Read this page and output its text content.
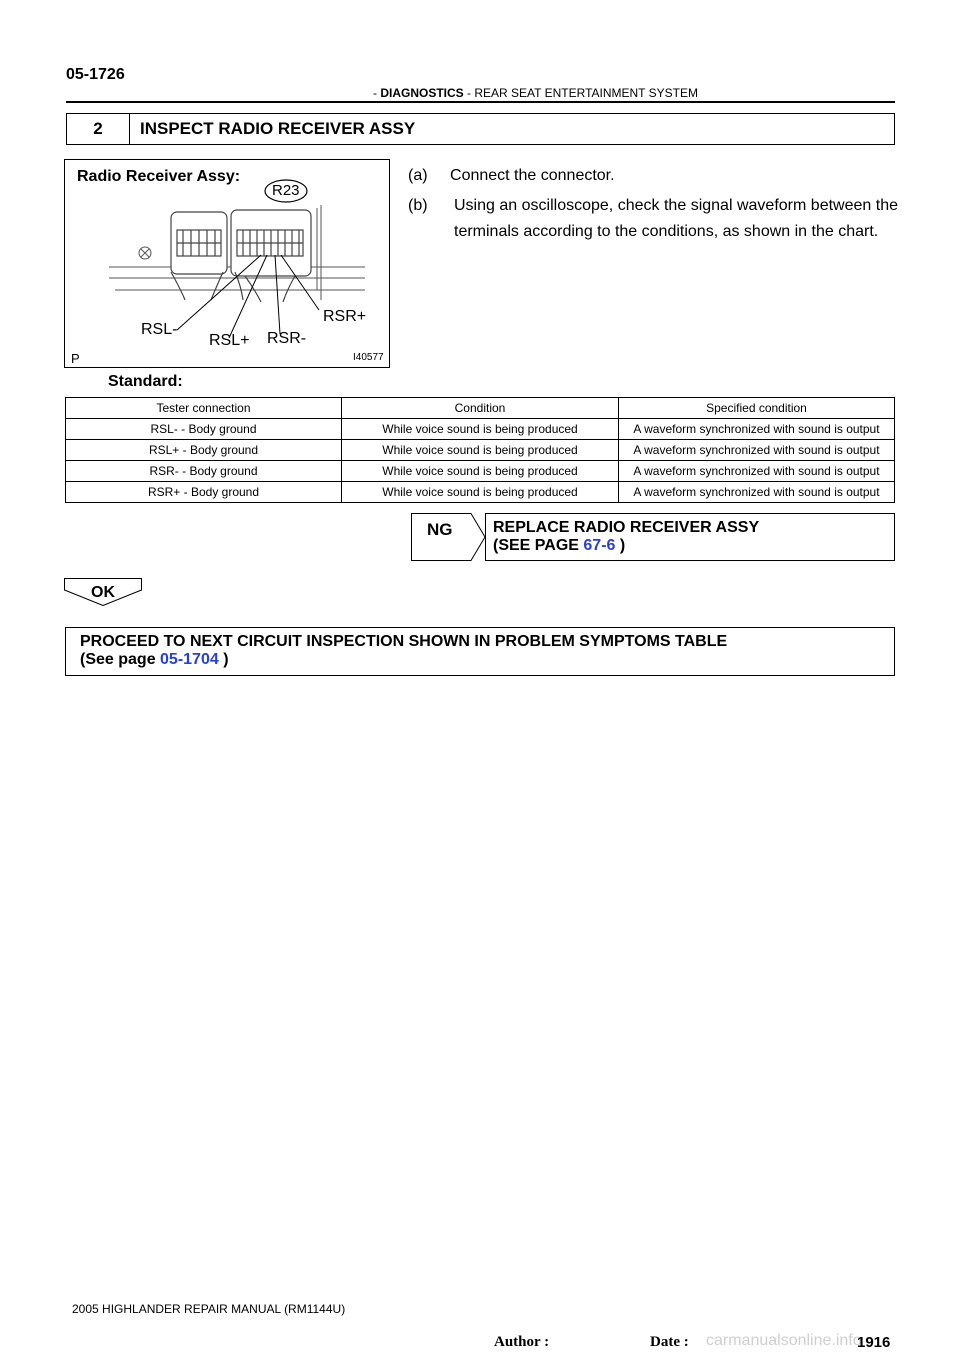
05-1726
- DIAGNOSTICS - REAR SEAT ENTERTAINMENT SYSTEM
2	INSPECT RADIO RECEIVER ASSY
Radio Receiver Assy:
R23
RSL-
RSL+ RSR-
RSR+
P	I40577
(a) Connect the connector.
(b) Using an oscilloscope, check the signal waveform between the terminals according to the conditions, as shown in the chart.
Standard:
Tester connection	Condition	Specified condition
RSL- - Body ground	While voice sound is being produced	A waveform synchronized with sound is output
RSL+ - Body ground	While voice sound is being produced	A waveform synchronized with sound is output
RSR- - Body ground	While voice sound is being produced	A waveform synchronized with sound is output
RSR+ - Body ground	While voice sound is being produced	A waveform synchronized with sound is output
NG	REPLACE RADIO RECEIVER ASSY
(SEE PAGE 67-6 )
OK
PROCEED TO NEXT CIRCUIT INSPECTION SHOWN IN PROBLEM SYMPTOMS TABLE
(See page 05-1704 )
2005 HIGHLANDER REPAIR MANUAL (RM1144U)
Author :	Date : carmanualsonline.info
1916
